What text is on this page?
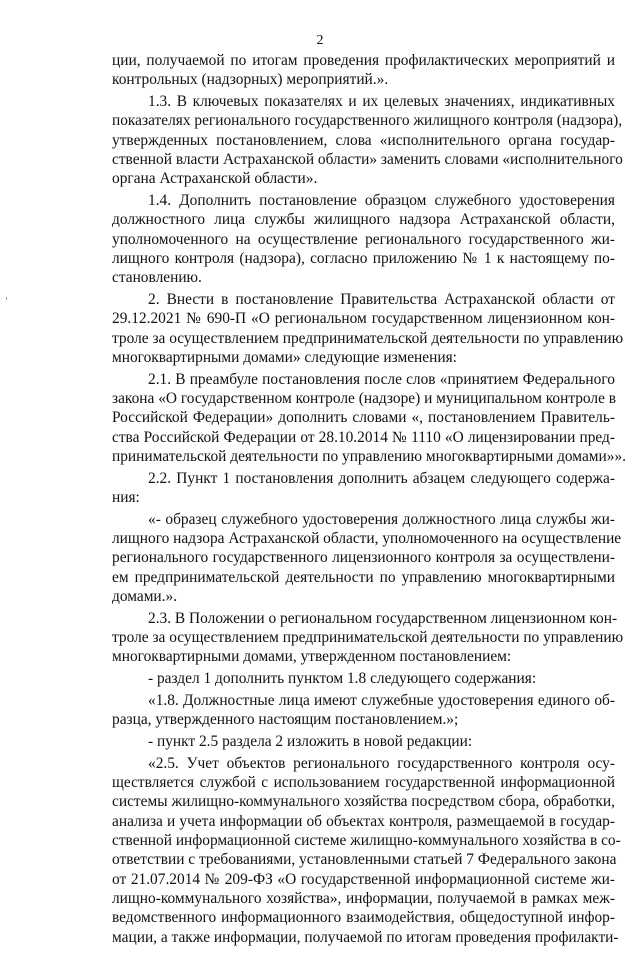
2
ции, получаемой по итогам проведения профилактических мероприятий и
контрольных (надзорных) мероприятий.».
1.3. В ключевых показателях и их целевых значениях, индикативных
показателях регионального государственного жилищного контроля (надзора),
утвержденных постановлением, слова «исполнительного органа государ-
ственной власти Астраханской области» заменить словами «исполнительного
органа Астраханской области».
1.4. Дополнить постановление образцом служебного удостоверения
должностного лица службы жилищного надзора Астраханской области,
уполномоченного на осуществление регионального государственного жи-
лищного контроля (надзора), согласно приложению № 1 к настоящему по-
становлению.
2. Внести в постановление Правительства Астраханской области от
29.12.2021 № 690-П «О региональном государственном лицензионном кон-
троле за осуществлением предпринимательской деятельности по управлению
многоквартирными домами» следующие изменения:
2.1. В преамбуле постановления после слов «принятием Федерального
закона «О государственном контроле (надзоре) и муниципальном контроле в
Российской Федерации» дополнить словами «, постановлением Правитель-
ства Российской Федерации от 28.10.2014 № 1110 «О лицензировании пред-
принимательской деятельности по управлению многоквартирными домами»».
2.2. Пункт 1 постановления дополнить абзацем следующего содержа-
ния:
«- образец служебного удостоверения должностного лица службы жи-
лищного надзора Астраханской области, уполномоченного на осуществление
регионального государственного лицензионного контроля за осуществлени-
ем предпринимательской деятельности по управлению многоквартирными
домами.».
2.3. В Положении о региональном государственном лицензионном кон-
троле за осуществлением предпринимательской деятельности по управлению
многоквартирными домами, утвержденном постановлением:
- раздел 1 дополнить пунктом 1.8 следующего содержания:
«1.8. Должностные лица имеют служебные удостоверения единого об-
разца, утвержденного настоящим постановлением.»;
- пункт 2.5 раздела 2 изложить в новой редакции:
«2.5. Учет объектов регионального государственного контроля осу-
ществляется службой с использованием государственной информационной
системы жилищно-коммунального хозяйства посредством сбора, обработки,
анализа и учета информации об объектах контроля, размещаемой в государ-
ственной информационной системе жилищно-коммунального хозяйства в со-
ответствии с требованиями, установленными статьей 7 Федерального закона
от 21.07.2014 № 209-ФЗ «О государственной информационной системе жи-
лищно-коммунального хозяйства», информации, получаемой в рамках меж-
ведомственного информационного взаимодействия, общедоступной инфор-
мации, а также информации, получаемой по итогам проведения профилакти-
